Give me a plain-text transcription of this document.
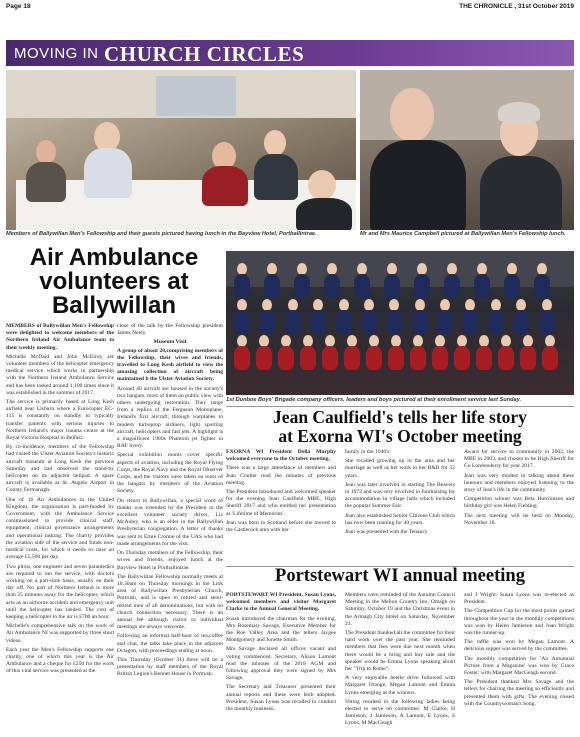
Page 18	THE CHRONICLE , 31st October 2019
MOVING IN CHURCH CIRCLES
Members of Ballywillan Men's Fellowship and their guests pictured having lunch in the Bayview Hotel, Portballintrae.	Mr and Mrs Maurice Campbell pictured at Ballywillan Men's Fellowship lunch.
Air Ambulance
volunteers at
Ballywillan

MEMBERS of Ballywillan Men's Fellowship were delighted to welcome members of the Northern Ireland Air Ambulance team to their weekly meeting.

Michelle McDaid and John McElroy are volunteer members of the helicopter emergency medical service which works in partnership with the Northern Ireland Ambulance Service and has been tasked around 1,100 times since it was established in the summer of 2017.

The service is primarily based at Long Kesh airfield near Lisburn where a Eurocopter EC-135 is constantly on standby to typically transfer patients with serious injuries to Northern Ireland's major trauma centre at the Royal Victoria Hospital in Belfast.

By co-incidence, members of the Fellowship had visited the Ulster Aviation Society's historic aircraft museum at Long Kesh the previous Saturday and had observed the stand-by helicopter on its adjacent helipad. A spare aircraft is available at St. Angelo Airport in County Fermanagh.

One of 16 Air Ambulances in the United Kingdom, the organisation is part-funded by Government, with the Ambulance Service commissioned to provide clinical staff, equipment, clinical governance arrangements and operational tasking. The charity provides the aviation side of the service and funds non-medical costs, for which it needs to raise an average £5,500 per day.

Two pilots, one engineer and seven paramedics are required to run the service, with doctors working on a part-time basis, usually on their day off. No part of Northern Ireland is more than 25 minutes away for the helicopter, which acts as an airborne accident and emergency unit until the helicopter has landed. The cost of keeping a helicopter in the air is £700 an hour.

Michelle's comprehensive talk on the work of Air Ambulance NI was supported by three short videos.

Each year the Men's Fellowship supports one charity, one of which this year is the Air Ambulance and a cheque for £250 for the work of this vital service was presented at the

close of the talk by the Fellowship president James Neely.

Museum Visit

A group of about 20,comprising members of the Fellowship, their wives and friends, travelled to Long Kesh airfield to view the amazing collection of aircraft being maintained b the Ulster Aviation Society.

Around 40 aircraft are housed in the society's two hangars, most of them on public view with others undergoing restoration. They range from a replica of the Ferguson Monoplane, Ireland's first aircraft, through warplanes to modern turboprop airliners, light sporting aircraft, helicopters and fast jets. A highlight is a magnificent 1980s Phantom jet fighter in RAF livery.

Special exhibition rooms cover specific aspects of aviation, including the Royal Flying Corps, the Royal Navy and the Royal Observer Corps, and the visitors were taken on tours of the hangars by members of the Aviation Society.

On return to Ballywillan, a special word of thanks was extended by the President to the excellent volunteer society driver, Liz McAuley, who is an elder in the Ballywillan Presbyterian congregation. A letter of thanks was sent to Ernie Cromie of the UAS who had made arrangements for the visit.

On Thursday members of the Fellowship, their wives and friends, enjoyed lunch at the Bayview Hotel in Portballintrae.

The Ballywillan Fellowship normally meets at 10.30am on Thursday mornings in the Link area of Ballywillan Presbyterian Church, Portrush, and is open to retired and semi-retired men of all denominations, but with no church connection necessary. There is an annual fee although visitor to individual meetings are always welcome.

Following an informal half-hour of tea,coffee and chat, the talks take place in the adjacent Octagon, with proceedings ending at noon.

This Thursday (October 31) there will be a presentation by staff members of the Royal British Legion's Bennet House in Portrush.

1st Dunboe Boys' Brigade company officers, leaders and boys pictured at their enrollment service last Sunday.
Jean Caulfield's tells her life story
at Exorna WI's October meeting

EXORNA WI President Della Murphy welcomed everyone to the October meeting.

There was a large attendance of members and Jean Coulter read the minutes of previous meeting.

The President introduced and welcomed speaker for the evening Jean Caulfield MBE, High Sheriff 2017 and who entitled her presentation as 'Lifetime of Memories'.

Jean was born in Scotland before she moved to the Castlerock area with her

family in the 1940's.

She recalled growing up in the area and her marriage as well as her work in her B&B for 32 years.

Jean was later involved in starting The Beavers in 1972 and was very involved in fundraising for accommodation in village halls which included the popular Summer Fair.

Jean also established Senior Citizens Club which has now been running for 40 years.

Jean was presented with the Tenancy

Award for service to community in 2002, the MBE in 2003, and chosen to be High Sheriff for Co Londonderry for year 2017.

Jean was very modest in talking about these honours and members enjoyed listening to the story of Jean's life in the community.

Competition winner was Beta Hutchinson and birthday girl was Helen Fielding.

The next meeting will be held on Monday, November 18.

Portstewart WI annual meeting

PORTSTEWART WI President, Susan Lyons, welcomed members and visitor Margaret Clarke to the Annual General Meeting.

Susan introduced the chairman for the evening, Mrs Rosemary Savage, Executive Member for the Roe Valley Area and the tellers Jaygee Montgomery and Jonette Smith.

Mrs Savage declared all offices vacant and voting commenced. Secretary, Alison Lamont read the minutes of the 2018 AGM and following approval they were signed by Mrs Savage.

The Secretary and Treasurer presented their annual reports and these were both adopted. President, Susan Lyons was recalled to conduct the monthly business.

Members were reminded of the Autumn Council Meeting in the Mellon Country Inn, Omagh on Saturday, October 19 and the Christmas event in the Armagh City Hotel on Saturday, November 23.

The President thanked all the committee for their hard work over the past year. She reminded members that fees were due next month when there would be a bring and buy sale and the speaker would be Emma Lyons speaking about her "Trip to Rome".

A very enjoyable beetle drive followed with Margaret Orange, Megan Lamont and Emma Lyons emerging as the winners.

Voting resulted in the following ladies being elected to serve on committee: M Clarke, H Jamieson, J Jamieson, A Lamont, E Lyons, S Lyons, M MacGeagh

and J Wright. Susan Lyons was re-elected as President.

The Competition Cup for the most points gained throughout the year in the monthly competitions was won by Helen Jamieson and Joan Wright was the runner-up.

The raffle was won by Megan Lamont. A delicious supper was served by the committee.

The monthly competition for 'An Autumnal Picture from a Magazine' was won by Grace Foster; with Margaret MacGeagh second.

The President thanked Mrs Savage and the tellers for chairing the meeting so efficiently and presented them with gifts. The evening closed with the Countrywoman's Song.
